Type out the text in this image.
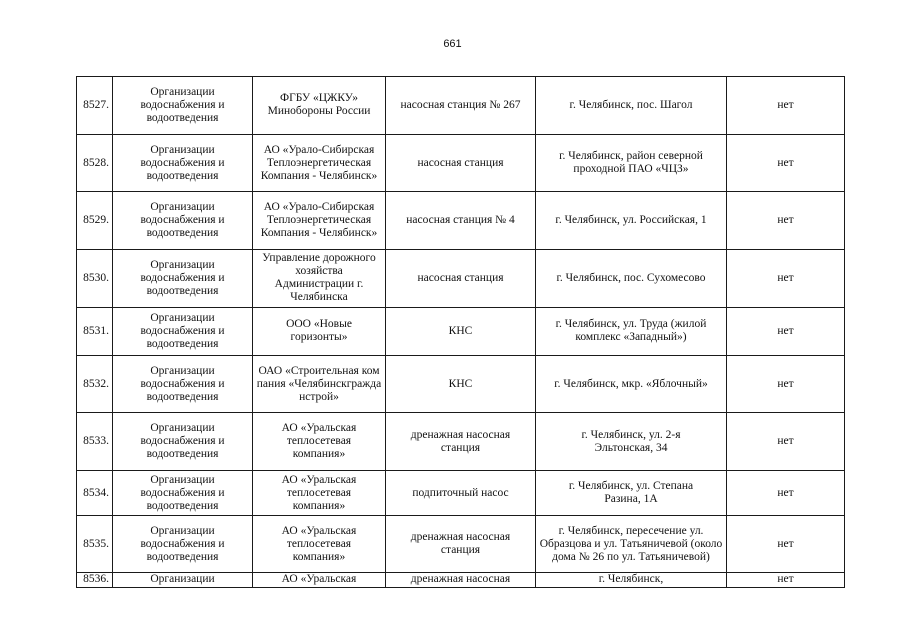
661
8527.	Организации водоснабжения и водоотведения	ФГБУ «ЦЖКУ» Минобороны России	насосная станция № 267	г. Челябинск, пос. Шагол	нет
8528.	Организации водоснабжения и водоотведения	АО «Урало-Сибирская Теплоэнергетическая Компания - Челябинск»	насосная станция	г. Челябинск, район северной проходной ПАО «ЧЦЗ»	нет
8529.	Организации водоснабжения и водоотведения	АО «Урало-Сибирская Теплоэнергетическая Компания - Челябинск»	насосная станция № 4	г. Челябинск, ул. Российская, 1	нет
8530.	Организации водоснабжения и водоотведения	Управление дорожного хозяйства Администрации г. Челябинска	насосная станция	г. Челябинск, пос. Сухомесово	нет
8531.	Организации водоснабжения и водоотведения	ООО «Новые горизонты»	КНС	г. Челябинск, ул. Труда (жилой комплекс «Западный»)	нет
8532.	Организации водоснабжения и водоотведения	ОАО «Строительная компания «Челябинскгражданстрой»	КНС	г. Челябинск, мкр. «Яблочный»	нет
8533.	Организации водоснабжения и водоотведения	АО «Уральская теплосетевая компания»	дренажная насосная станция	г. Челябинск, ул. 2-я Эльтонская, 34	нет
8534.	Организации водоснабжения и водоотведения	АО «Уральская теплосетевая компания»	подпиточный насос	г. Челябинск, ул. Степана Разина, 1А	нет
8535.	Организации водоснабжения и водоотведения	АО «Уральская теплосетевая компания»	дренажная насосная станция	г. Челябинск, пересечение ул. Образцова и ул. Татьяничевой (около дома № 26 по ул. Татьяничевой)	нет
8536.	Организации	АО «Уральская	дренажная насосная	г. Челябинск,	нет
